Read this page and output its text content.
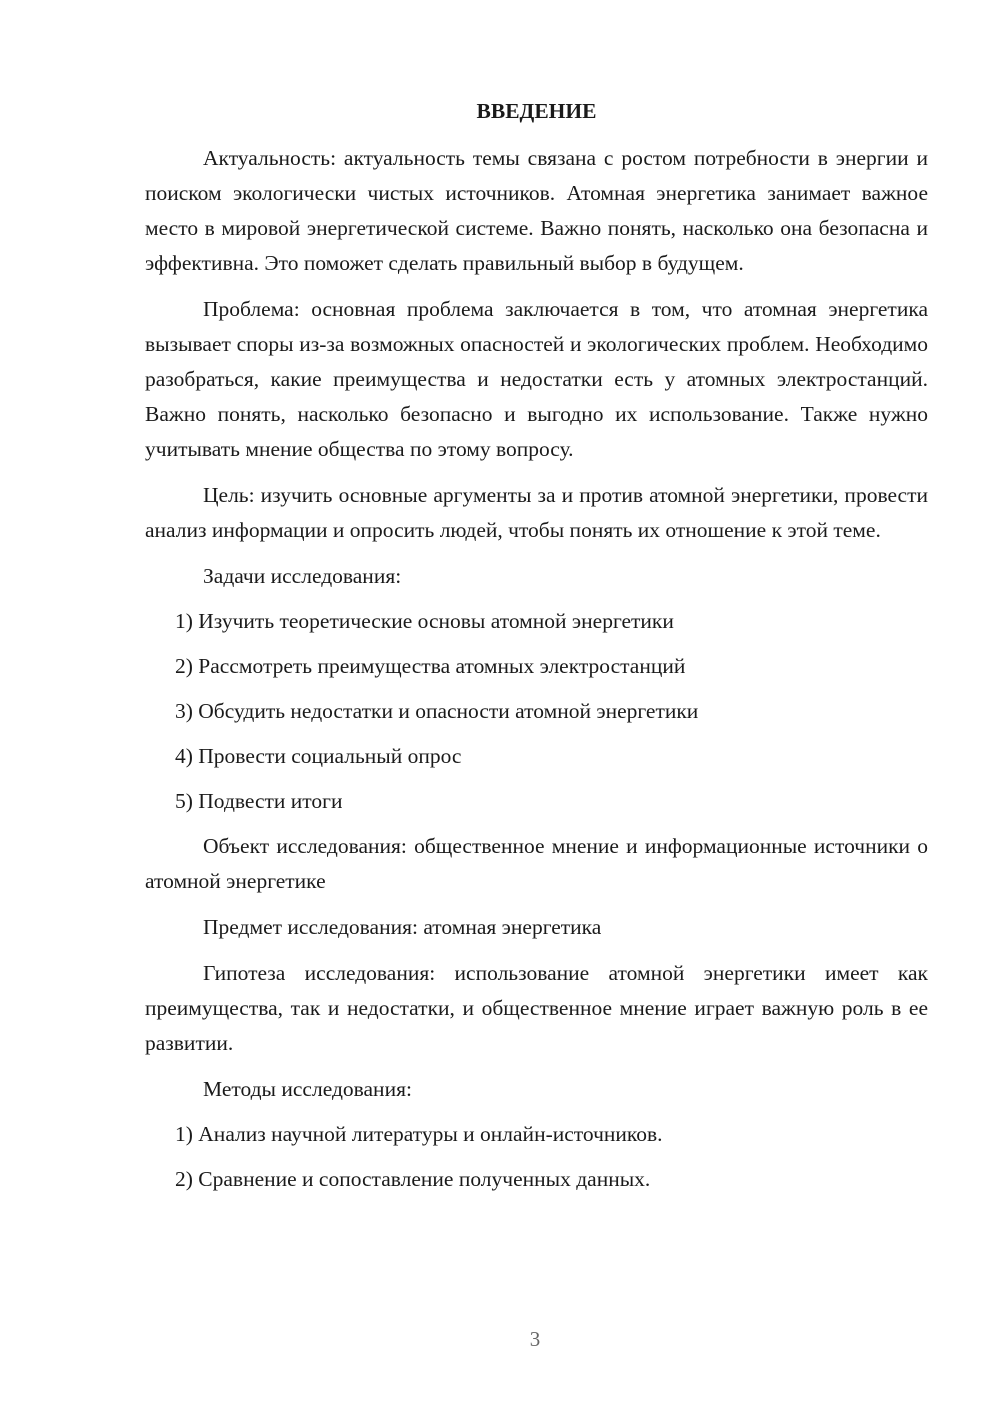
ВВЕДЕНИЕ
Актуальность: актуальность темы связана с ростом потребности в энергии и поиском экологически чистых источников. Атомная энергетика занимает важное место в мировой энергетической системе. Важно понять, насколько она безопасна и эффективна. Это поможет сделать правильный выбор в будущем.
Проблема: основная проблема заключается в том, что атомная энергетика вызывает споры из-за возможных опасностей и экологических проблем. Необходимо разобраться, какие преимущества и недостатки есть у атомных электростанций. Важно понять, насколько безопасно и выгодно их использование. Также нужно учитывать мнение общества по этому вопросу.
Цель: изучить основные аргументы за и против атомной энергетики, провести анализ информации и опросить людей, чтобы понять их отношение к этой теме.
Задачи исследования:
1) Изучить теоретические основы атомной энергетики
2) Рассмотреть преимущества атомных электростанций
3) Обсудить недостатки и опасности атомной энергетики
4) Провести социальный опрос
5) Подвести итоги
Объект исследования: общественное мнение и информационные источники о атомной энергетике
Предмет исследования: атомная энергетика
Гипотеза исследования: использование атомной энергетики имеет как преимущества, так и недостатки, и общественное мнение играет важную роль в ее развитии.
Методы исследования:
1) Анализ научной литературы и онлайн-источников.
2) Сравнение и сопоставление полученных данных.
3
